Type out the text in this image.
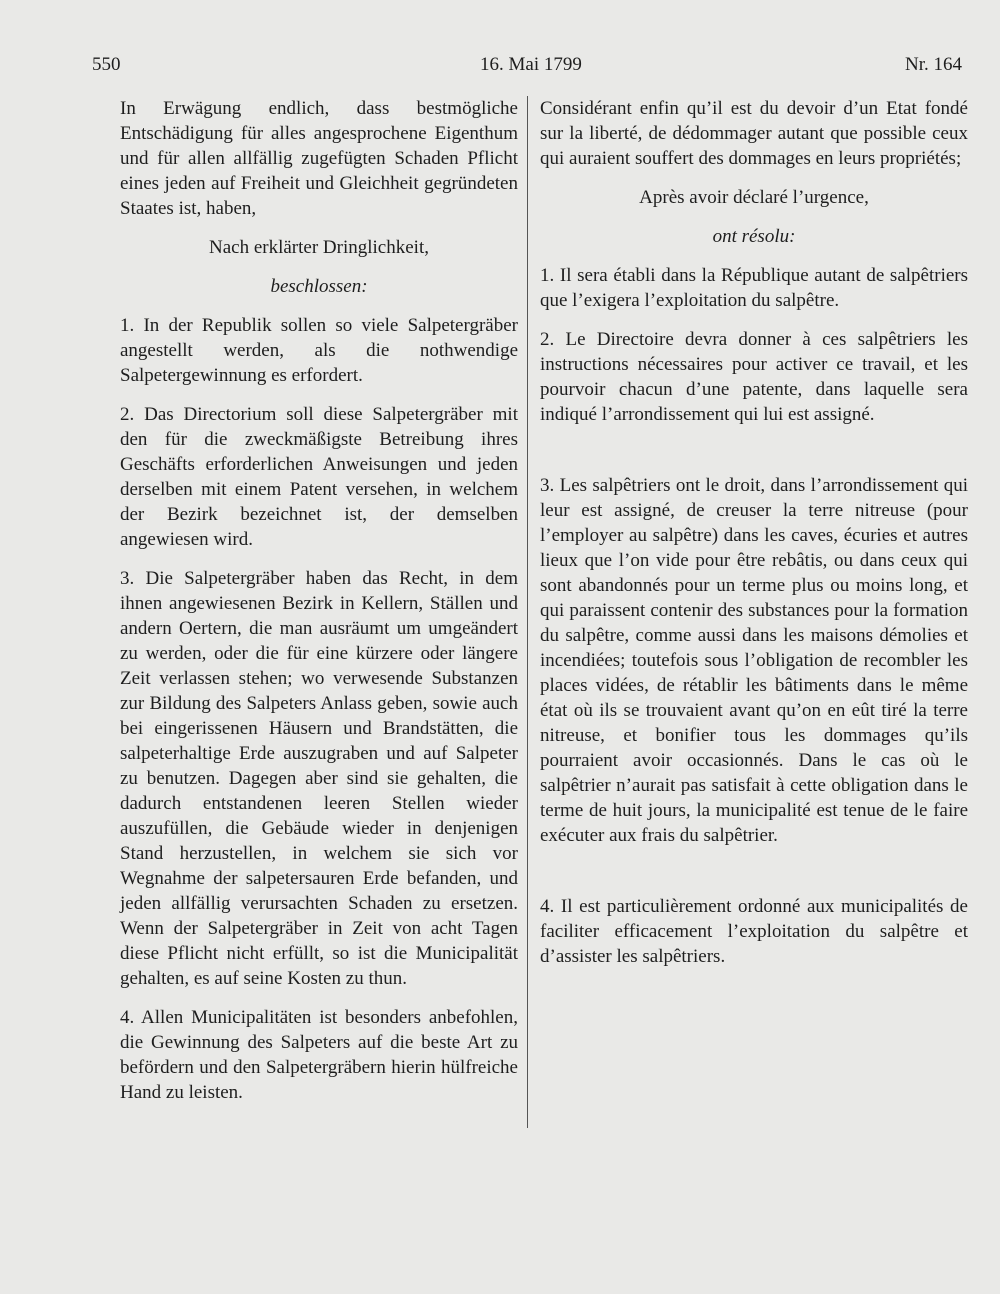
550	16. Mai 1799	Nr. 164

In Erwägung endlich, dass bestmögliche Entschädigung für alles angesprochene Eigenthum und für allen allfällig zugefügten Schaden Pflicht eines jeden auf Freiheit und Gleichheit gegründeten Staates ist, haben,

Nach erklärter Dringlichkeit,

beschlossen:

1. In der Republik sollen so viele Salpetergräber angestellt werden, als die nothwendige Salpetergewinnung es erfordert.

2. Das Directorium soll diese Salpetergräber mit den für die zweckmäßigste Betreibung ihres Geschäfts erforderlichen Anweisungen und jeden derselben mit einem Patent versehen, in welchem der Bezirk bezeichnet ist, der demselben angewiesen wird.

3. Die Salpetergräber haben das Recht, in dem ihnen angewiesenen Bezirk in Kellern, Ställen und andern Oertern, die man ausräumt um umgeändert zu werden, oder die für eine kürzere oder längere Zeit verlassen stehen; wo verwesende Substanzen zur Bildung des Salpeters Anlass geben, sowie auch bei eingerissenen Häusern und Brandstätten, die salpeterhaltige Erde auszugraben und auf Salpeter zu benutzen. Dagegen aber sind sie gehalten, die dadurch entstandenen leeren Stellen wieder auszufüllen, die Gebäude wieder in denjenigen Stand herzustellen, in welchem sie sich vor Wegnahme der salpetersauren Erde befanden, und jeden allfällig verursachten Schaden zu ersetzen. Wenn der Salpetergräber in Zeit von acht Tagen diese Pflicht nicht erfüllt, so ist die Municipalität gehalten, es auf seine Kosten zu thun.

4. Allen Municipalitäten ist besonders anbefohlen, die Gewinnung des Salpeters auf die beste Art zu befördern und den Salpetergräbern hierin hülfreiche Hand zu leisten.

Considérant enfin qu’il est du devoir d’un Etat fondé sur la liberté, de dédommager autant que possible ceux qui auraient souffert des dommages en leurs propriétés;

Après avoir déclaré l’urgence,

ont résolu:

1. Il sera établi dans la République autant de salpêtriers que l’exigera l’exploitation du salpêtre.

2. Le Directoire devra donner à ces salpêtriers les instructions nécessaires pour activer ce travail, et les pourvoir chacun d’une patente, dans laquelle sera indiqué l’arrondissement qui lui est assigné.

3. Les salpêtriers ont le droit, dans l’arrondissement qui leur est assigné, de creuser la terre nitreuse (pour l’employer au salpêtre) dans les caves, écuries et autres lieux que l’on vide pour être rebâtis, ou dans ceux qui sont abandonnés pour un terme plus ou moins long, et qui paraissent contenir des substances pour la formation du salpêtre, comme aussi dans les maisons démolies et incendiées; toutefois sous l’obligation de recombler les places vidées, de rétablir les bâtiments dans le même état où ils se trouvaient avant qu’on en eût tiré la terre nitreuse, et bonifier tous les dommages qu’ils pourraient avoir occasionnés. Dans le cas où le salpêtrier n’aurait pas satisfait à cette obligation dans le terme de huit jours, la municipalité est tenue de le faire exécuter aux frais du salpêtrier.

4. Il est particulièrement ordonné aux municipalités de faciliter efficacement l’exploitation du salpêtre et d’assister les salpêtriers.
